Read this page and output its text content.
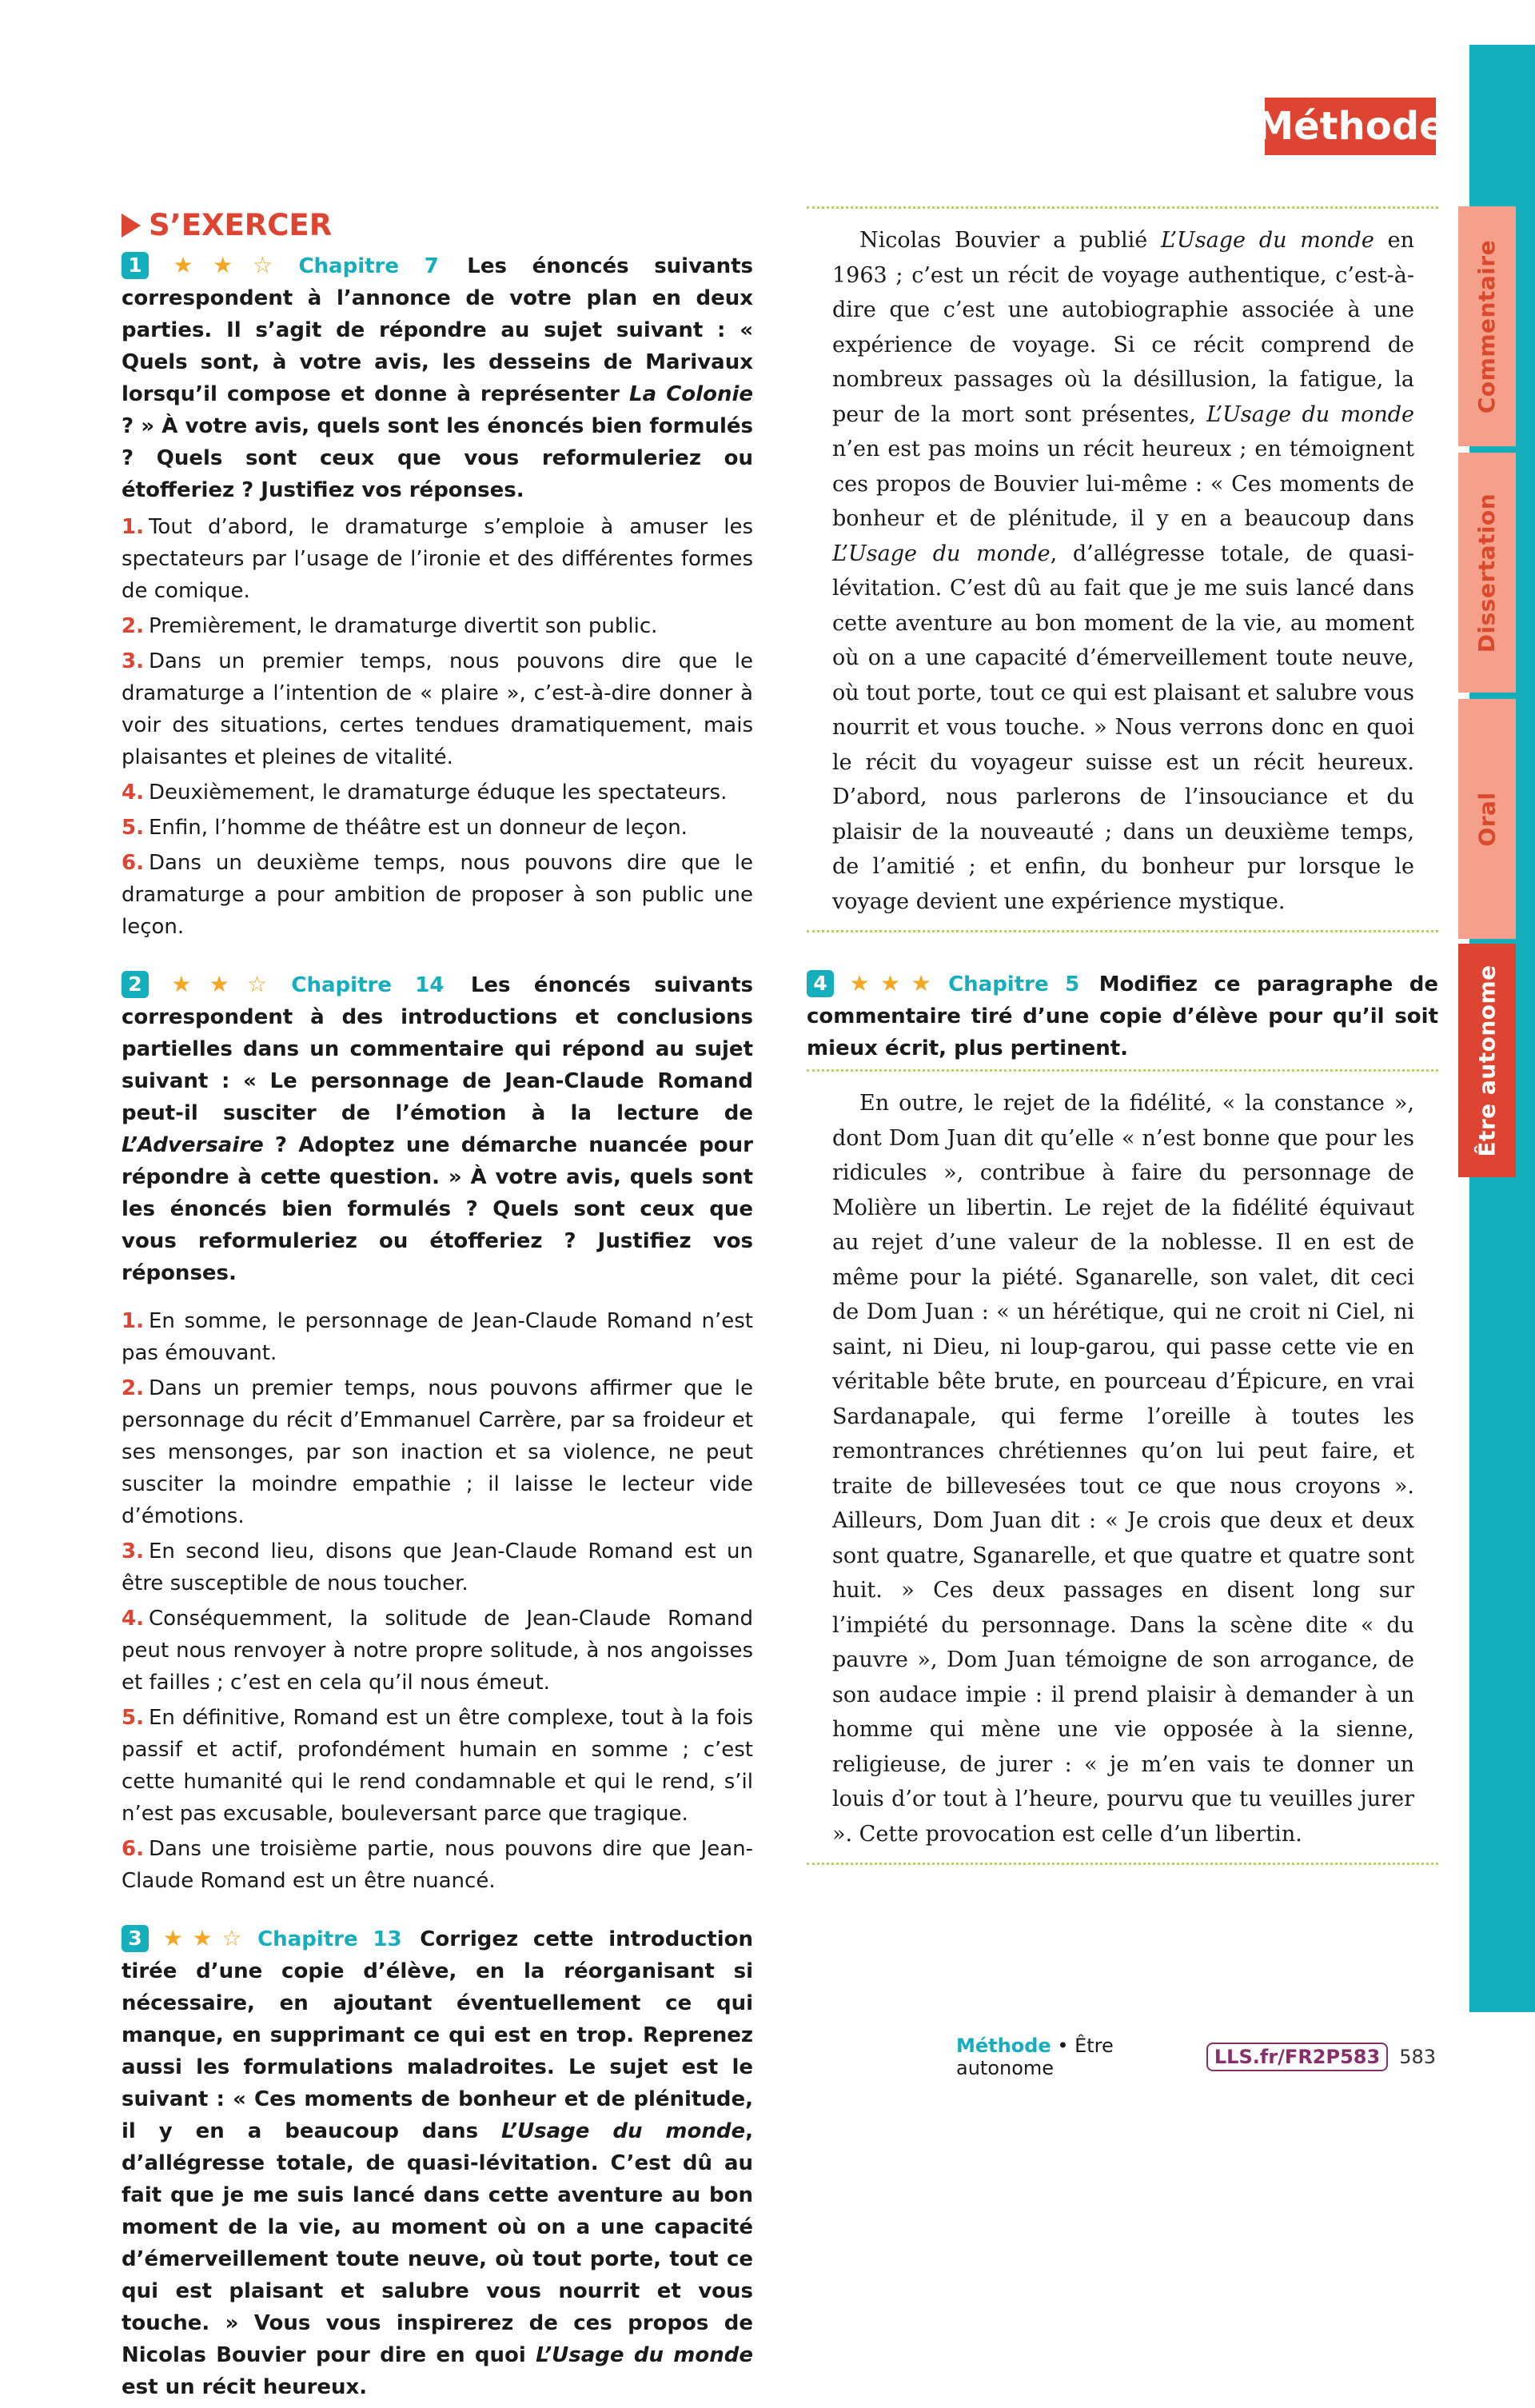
Commentaire
Dissertation
Oral
Être autonome
Méthode
S’EXERCER

1 ★★☆ Chapitre 7 Les énoncés suivants correspondent à l’annonce de votre plan en deux parties. Il s’agit de répondre au sujet suivant : « Quels sont, à votre avis, les desseins de Marivaux lorsqu’il compose et donne à représenter La Colonie ? » À votre avis, quels sont les énoncés bien formulés ? Quels sont ceux que vous reformuleriez ou étofferiez ? Justifiez vos réponses.

1. Tout d’abord, le dramaturge s’emploie à amuser les spectateurs par l’usage de l’ironie et des différentes formes de comique.
2. Premièrement, le dramaturge divertit son public.
3. Dans un premier temps, nous pouvons dire que le dramaturge a l’intention de « plaire », c’est-à-dire donner à voir des situations, certes tendues dramatiquement, mais plaisantes et pleines de vitalité.
4. Deuxièmement, le dramaturge éduque les spectateurs.
5. Enfin, l’homme de théâtre est un donneur de leçon.
6. Dans un deuxième temps, nous pouvons dire que le dramaturge a pour ambition de proposer à son public une leçon.

2 ★★☆ Chapitre 14 Les énoncés suivants correspondent à des introductions et conclusions partielles dans un commentaire qui répond au sujet suivant : « Le personnage de Jean-Claude Romand peut-il susciter de l’émotion à la lecture de L’Adversaire ? Adoptez une démarche nuancée pour répondre à cette question. » À votre avis, quels sont les énoncés bien formulés ? Quels sont ceux que vous reformuleriez ou étofferiez ? Justifiez vos réponses.

1. En somme, le personnage de Jean-Claude Romand n’est pas émouvant.
2. Dans un premier temps, nous pouvons affirmer que le personnage du récit d’Emmanuel Carrère, par sa froideur et ses mensonges, par son inaction et sa violence, ne peut susciter la moindre empathie ; il laisse le lecteur vide d’émotions.
3. En second lieu, disons que Jean-Claude Romand est un être susceptible de nous toucher.
4. Conséquemment, la solitude de Jean-Claude Romand peut nous renvoyer à notre propre solitude, à nos angoisses et failles ; c’est en cela qu’il nous émeut.
5. En définitive, Romand est un être complexe, tout à la fois passif et actif, profondément humain en somme ; c’est cette humanité qui le rend condamnable et qui le rend, s’il n’est pas excusable, bouleversant parce que tragique.
6. Dans une troisième partie, nous pouvons dire que Jean-Claude Romand est un être nuancé.

3 ★★☆ Chapitre 13 Corrigez cette introduction tirée d’une copie d’élève, en la réorganisant si nécessaire, en ajoutant éventuellement ce qui manque, en supprimant ce qui est en trop. Reprenez aussi les formulations maladroites. Le sujet est le suivant : « Ces moments de bonheur et de plénitude, il y en a beaucoup dans L’Usage du monde, d’allégresse totale, de quasi-lévitation. C’est dû au fait que je me suis lancé dans cette aventure au bon moment de la vie, au moment où on a une capacité d’émerveillement toute neuve, où tout porte, tout ce qui est plaisant et salubre vous nourrit et vous touche. » Vous vous inspirerez de ces propos de Nicolas Bouvier pour dire en quoi L’Usage du monde est un récit heureux.

Nicolas Bouvier a publié L’Usage du monde en 1963 ; c’est un récit de voyage authentique, c’est-à-dire que c’est une autobiographie associée à une expérience de voyage. Si ce récit comprend de nombreux passages où la désillusion, la fatigue, la peur de la mort sont présentes, L’Usage du monde n’en est pas moins un récit heureux ; en témoignent ces propos de Bouvier lui-même : « Ces moments de bonheur et de plénitude, il y en a beaucoup dans L’Usage du monde, d’allégresse totale, de quasi-lévitation. C’est dû au fait que je me suis lancé dans cette aventure au bon moment de la vie, au moment où on a une capacité d’émerveillement toute neuve, où tout porte, tout ce qui est plaisant et salubre vous nourrit et vous touche. » Nous verrons donc en quoi le récit du voyageur suisse est un récit heureux. D’abord, nous parlerons de l’insouciance et du plaisir de la nouveauté ; dans un deuxième temps, de l’amitié ; et enfin, du bonheur pur lorsque le voyage devient une expérience mystique.

4 ★★★ Chapitre 5 Modifiez ce paragraphe de commentaire tiré d’une copie d’élève pour qu’il soit mieux écrit, plus pertinent.

En outre, le rejet de la fidélité, « la constance », dont Dom Juan dit qu’elle « n’est bonne que pour les ridicules », contribue à faire du personnage de Molière un libertin. Le rejet de la fidélité équivaut au rejet d’une valeur de la noblesse. Il en est de même pour la piété. Sganarelle, son valet, dit ceci de Dom Juan : « un hérétique, qui ne croit ni Ciel, ni saint, ni Dieu, ni loup-garou, qui passe cette vie en véritable bête brute, en pourceau d’Épicure, en vrai Sardanapale, qui ferme l’oreille à toutes les remontrances chrétiennes qu’on lui peut faire, et traite de billevesées tout ce que nous croyons ». Ailleurs, Dom Juan dit : « Je crois que deux et deux sont quatre, Sganarelle, et que quatre et quatre sont huit. » Ces deux passages en disent long sur l’impiété du personnage. Dans la scène dite « du pauvre », Dom Juan témoigne de son arrogance, de son audace impie : il prend plaisir à demander à un homme qui mène une vie opposée à la sienne, religieuse, de jurer : « je m’en vais te donner un louis d’or tout à l’heure, pourvu que tu veuilles jurer ». Cette provocation est celle d’un libertin.

Méthode • Être autonome	LLS.fr/FR2P583	583
